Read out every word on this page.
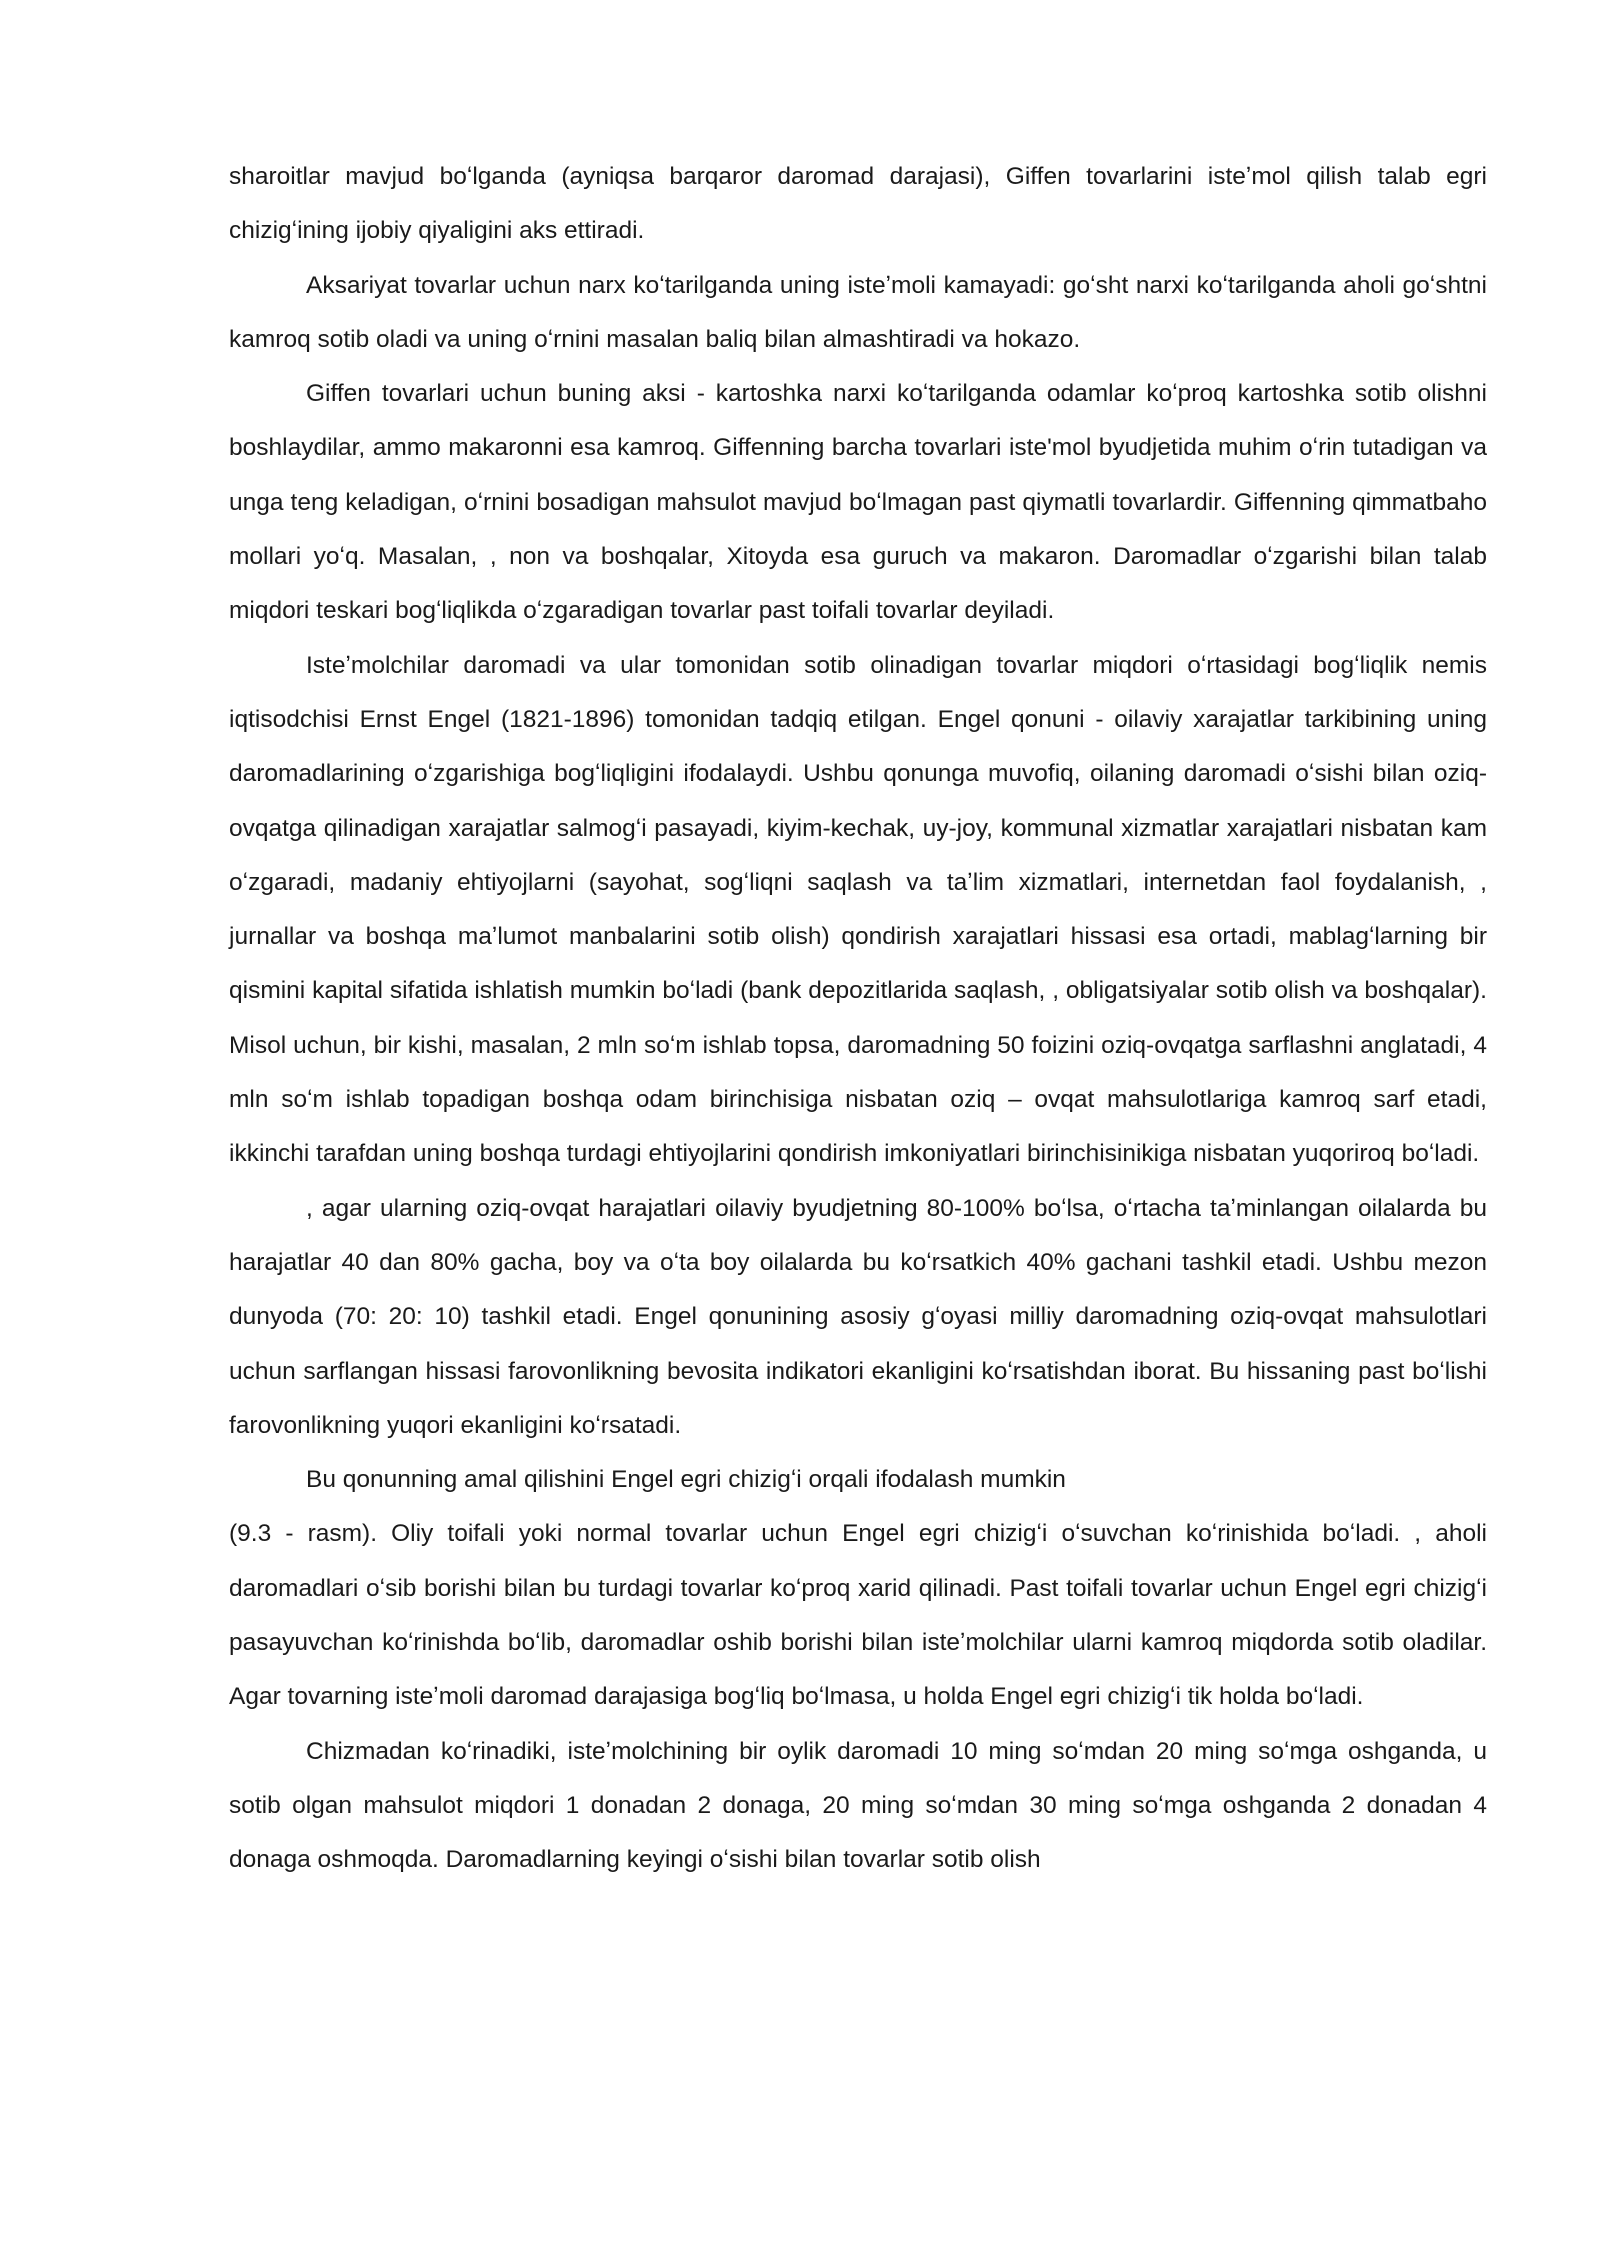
sharoitlar mavjud boʻlganda (ayniqsa barqaror daromad darajasi), Giffen tovarlarini isteʼmol qilish talab egri chizigʻining ijobiy qiyaligini aks ettiradi.

Aksariyat tovarlar uchun narx koʻtarilganda uning isteʼmoli kamayadi: goʻsht narxi koʻtarilganda aholi goʻshtni kamroq sotib oladi va uning oʻrnini masalan baliq bilan almashtiradi va hokazo.

Giffen tovarlari uchun buning aksi - kartoshka narxi koʻtarilganda odamlar koʻproq kartoshka sotib olishni boshlaydilar, ammo makaronni esa kamroq. Giffenning barcha tovarlari iste'mol byudjetida muhim oʻrin tutadigan va unga teng keladigan, oʻrnini bosadigan mahsulot mavjud boʻlmagan past qiymatli tovarlardir. Giffenning qimmatbaho mollari yoʻq. Masalan, , non va boshqalar, Xitoyda esa guruch va makaron. Daromadlar oʻzgarishi bilan talab miqdori teskari bogʻliqlikda oʻzgaradigan tovarlar past toifali tovarlar deyiladi.

Isteʼmolchilar daromadi va ular tomonidan sotib olinadigan tovarlar miqdori oʻrtasidagi bogʻliqlik nemis iqtisodchisi Ernst Engel (1821-1896) tomonidan tadqiq etilgan. Engel qonuni - oilaviy xarajatlar tarkibining uning daromadlarining oʻzgarishiga bogʻliqligini ifodalaydi. Ushbu qonunga muvofiq, oilaning daromadi oʻsishi bilan oziq-ovqatga qilinadigan xarajatlar salmogʻi pasayadi, kiyim-kechak, uy-joy, kommunal xizmatlar xarajatlari nisbatan kam oʻzgaradi, madaniy ehtiyojlarni (sayohat, sogʻliqni saqlash va taʼlim xizmatlari, internetdan faol foydalanish, , jurnallar va boshqa maʼlumot manbalarini sotib olish) qondirish xarajatlari hissasi esa ortadi, mablagʻlarning bir qismini kapital sifatida ishlatish mumkin boʻladi (bank depozitlarida saqlash, , obligatsiyalar sotib olish va boshqalar). Misol uchun, bir kishi, masalan, 2 mln soʻm ishlab topsa, daromadning 50 foizini oziq-ovqatga sarflashni anglatadi, 4 mln soʻm ishlab topadigan boshqa odam birinchisiga nisbatan oziq – ovqat mahsulotlariga kamroq sarf etadi, ikkinchi tarafdan uning boshqa turdagi ehtiyojlarini qondirish imkoniyatlari birinchisinikiga nisbatan yuqoriroq boʻladi.

, agar ularning oziq-ovqat harajatlari oilaviy byudjetning 80-100% boʻlsa, oʻrtacha taʼminlangan oilalarda bu harajatlar 40 dan 80% gacha, boy va oʻta boy oilalarda bu koʻrsatkich 40% gachani tashkil etadi. Ushbu mezon dunyoda (70: 20: 10) tashkil etadi. Engel qonunining asosiy gʻoyasi milliy daromadning oziq-ovqat mahsulotlari uchun sarflangan hissasi farovonlikning bevosita indikatori ekanligini koʻrsatishdan iborat. Bu hissaning past boʻlishi farovonlikning yuqori ekanligini koʻrsatadi.

Bu qonunning amal qilishini Engel egri chizigʻi orqali ifodalash mumkin

(9.3 - rasm). Oliy toifali yoki normal tovarlar uchun Engel egri chizigʻi oʻsuvchan koʻrinishida boʻladi. , aholi daromadlari oʻsib borishi bilan bu turdagi tovarlar koʻproq xarid qilinadi. Past toifali tovarlar uchun Engel egri chizigʻi pasayuvchan koʻrinishda boʻlib, daromadlar oshib borishi bilan isteʼmolchilar ularni kamroq miqdorda sotib oladilar. Agar tovarning isteʼmoli daromad darajasiga bogʻliq boʻlmasa, u holda Engel egri chizigʻi tik holda boʻladi.

Chizmadan koʻrinadiki, isteʼmolchining bir oylik daromadi 10 ming soʻmdan 20 ming soʻmga oshganda, u sotib olgan mahsulot miqdori 1 donadan 2 donaga, 20 ming soʻmdan 30 ming soʻmga oshganda 2 donadan 4 donaga oshmoqda. Daromadlarning keyingi oʻsishi bilan tovarlar sotib olish
